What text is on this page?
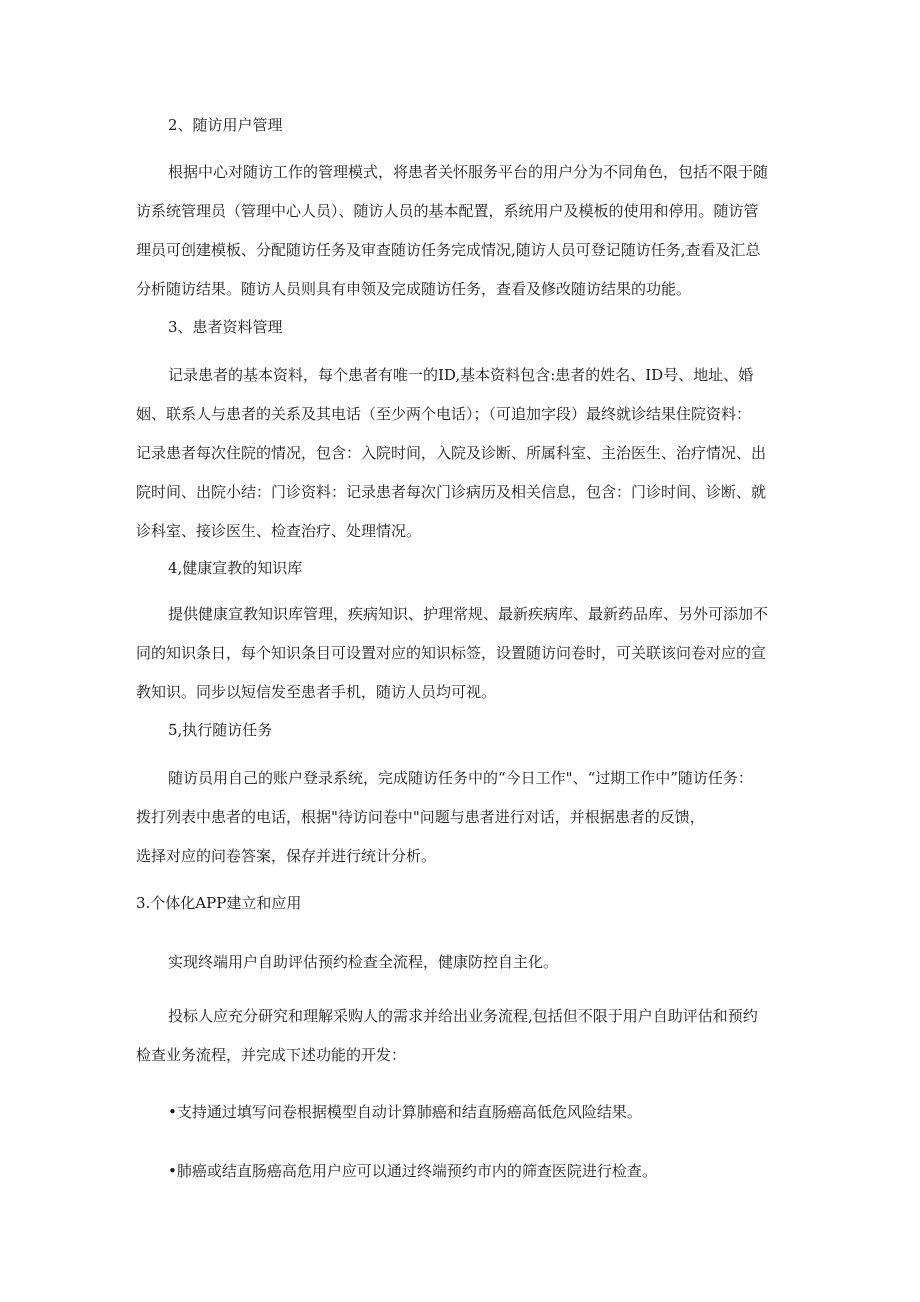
2、随访用户管理

根据中心对随访工作的管理模式，将患者关怀服务平台的用户分为不同角色，包括不限于随
访系统管理员（管理中心人员）、随访人员的基本配置，系统用户及模板的使用和停用。随访管
理员可创建模板、分配随访任务及审查随访任务完成情况,随访人员可登记随访任务,查看及汇总
分析随访结果。随访人员则具有申领及完成随访任务，查看及修改随访结果的功能。

3、患者资料管理

记录患者的基本资料，每个患者有唯一的ID,基本资料包含:患者的姓名、ID号、地址、婚
姻、联系人与患者的关系及其电话（至少两个电话）；（可追加字段）最终就诊结果住院资料：
记录患者每次住院的情况，包含：入院时间，入院及诊断、所属科室、主治医生、治疗情况、出
院时间、出院小结：门诊资料：记录患者每次门诊病历及相关信息，包含：门诊时间、诊断、就
诊科室、接诊医生、检查治疗、处理情况。

4,健康宣教的知识库

提供健康宣教知识库管理，疾病知识、护理常规、最新疾病库、最新药品库、另外可添加不
同的知识条日，每个知识条目可设置对应的知识标签，设置随访问卷时，可关联该问卷对应的宣
教知识。同步以短信发至患者手机，随访人员均可视。

5,执行随访任务

随访员用自己的账户登录系统，完成随访任务中的“今日工作"、“过期工作中”随访任务：
拨打列表中患者的电话，根据"待访问卷中"问题与患者进行对话，并根据患者的反馈，
选择对应的问卷答案，保存并进行统计分析。

3.个体化APP建立和应用

实现终端用户自助评估预约检查全流程，健康防控自主化。

投标人应充分研究和理解采购人的需求并给出业务流程,包括但不限于用户自助评估和预约
检查业务流程，并完成下述功能的开发：

•支持通过填写问卷根据模型自动计算肺癌和结直肠癌高低危风险结果。

•肺癌或结直肠癌高危用户应可以通过终端预约市内的筛查医院进行检查。
